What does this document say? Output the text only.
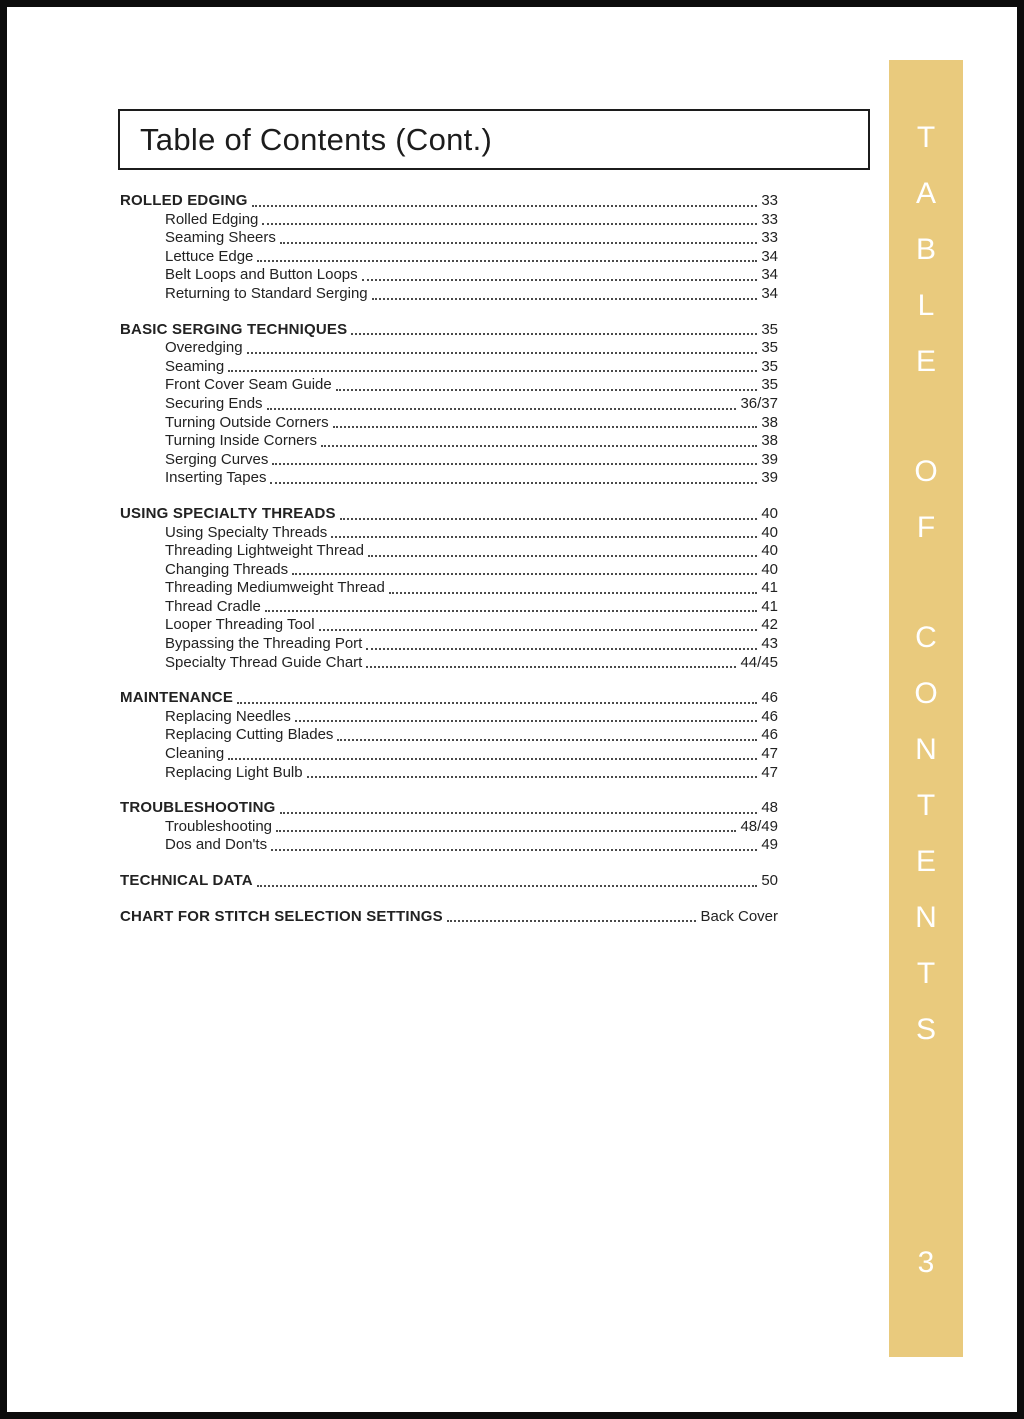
Table of Contents (Cont.)
ROLLED EDGING	33
Rolled Edging	33
Seaming Sheers	33
Lettuce Edge	34
Belt Loops and Button Loops	34
Returning to Standard Serging	34
BASIC SERGING TECHNIQUES	35
Overedging	35
Seaming	35
Front Cover Seam Guide	35
Securing Ends	36/37
Turning Outside Corners	38
Turning Inside Corners	38
Serging Curves	39
Inserting Tapes	39
USING SPECIALTY THREADS	40
Using Specialty Threads	40
Threading Lightweight Thread	40
Changing Threads	40
Threading Mediumweight Thread	41
Thread Cradle	41
Looper Threading Tool	42
Bypassing the Threading Port	43
Specialty Thread Guide Chart	44/45
MAINTENANCE	46
Replacing Needles	46
Replacing Cutting Blades	46
Cleaning	47
Replacing Light Bulb	47
TROUBLESHOOTING	48
Troubleshooting	48/49
Dos and Don'ts	49
TECHNICAL DATA	50
CHART FOR STITCH SELECTION SETTINGS	Back Cover
T
A
B
L
E
O
F
C
O
N
T
E
N
T
S
3
